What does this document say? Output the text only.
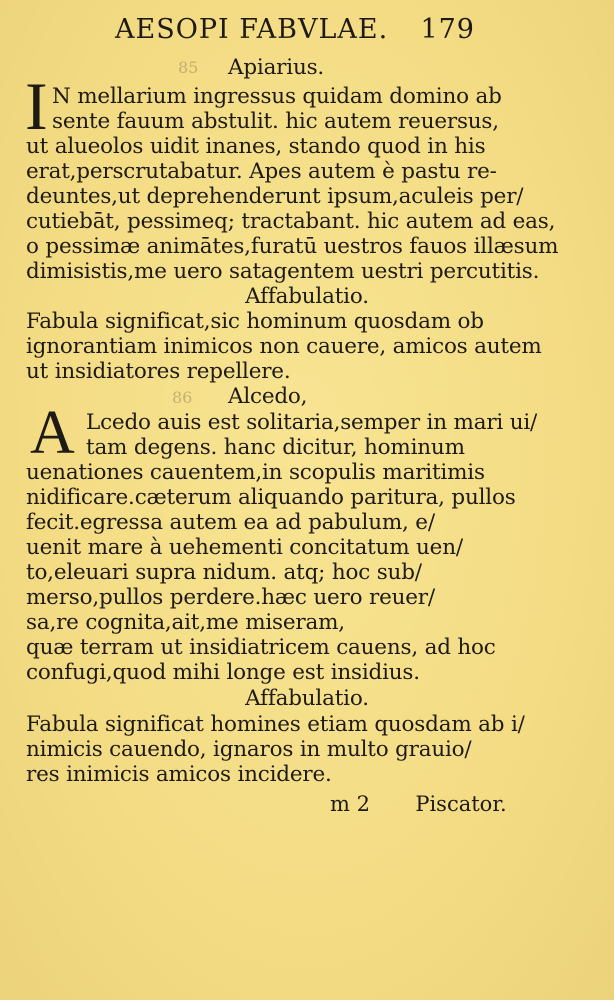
AESOPI FABVLAE. 179
85 Apiarius.
I N mellarium ingressus quidam domino ab
sente fauum abstulit. hic autem reuersus,
ut alueolos uidit inanes, stando quod in his
erat,perscrutabatur. Apes autem è pastu re-
deuntes,ut deprehenderunt ipsum,aculeis per/
cutiebāt, pessimeq; tractabant. hic autem ad eas,
o pessimæ animātes,furatū uestros fauos illæsum
dimisistis,me uero satagentem uestri percutitis.
Affabulatio.
Fabula significat,sic hominum quosdam ob
ignorantiam inimicos non cauere, amicos autem
ut insidiatores repellere.
86 Alcedo,
A Lcedo auis est solitaria,semper in mari ui/
tam degens. hanc dicitur, hominum
uenationes cauentem,in scopulis maritimis
nidificare.cæterum aliquando paritura, pullos
fecit.egressa autem ea ad pabulum, e/
uenit mare à uehementi concitatum uen/
to,eleuari supra nidum. atq; hoc sub/
merso,pullos perdere.hæc uero reuer/
sa,re cognita,ait,me miseram,
quæ terram ut insidiatricem cauens, ad hoc
confugi,quod mihi longe est insidius.
Affabulatio.
Fabula significat homines etiam quosdam ab i/
nimicis cauendo, ignaros in multo grauio/
res inimicis amicos incidere.
m 2 Piscator.
